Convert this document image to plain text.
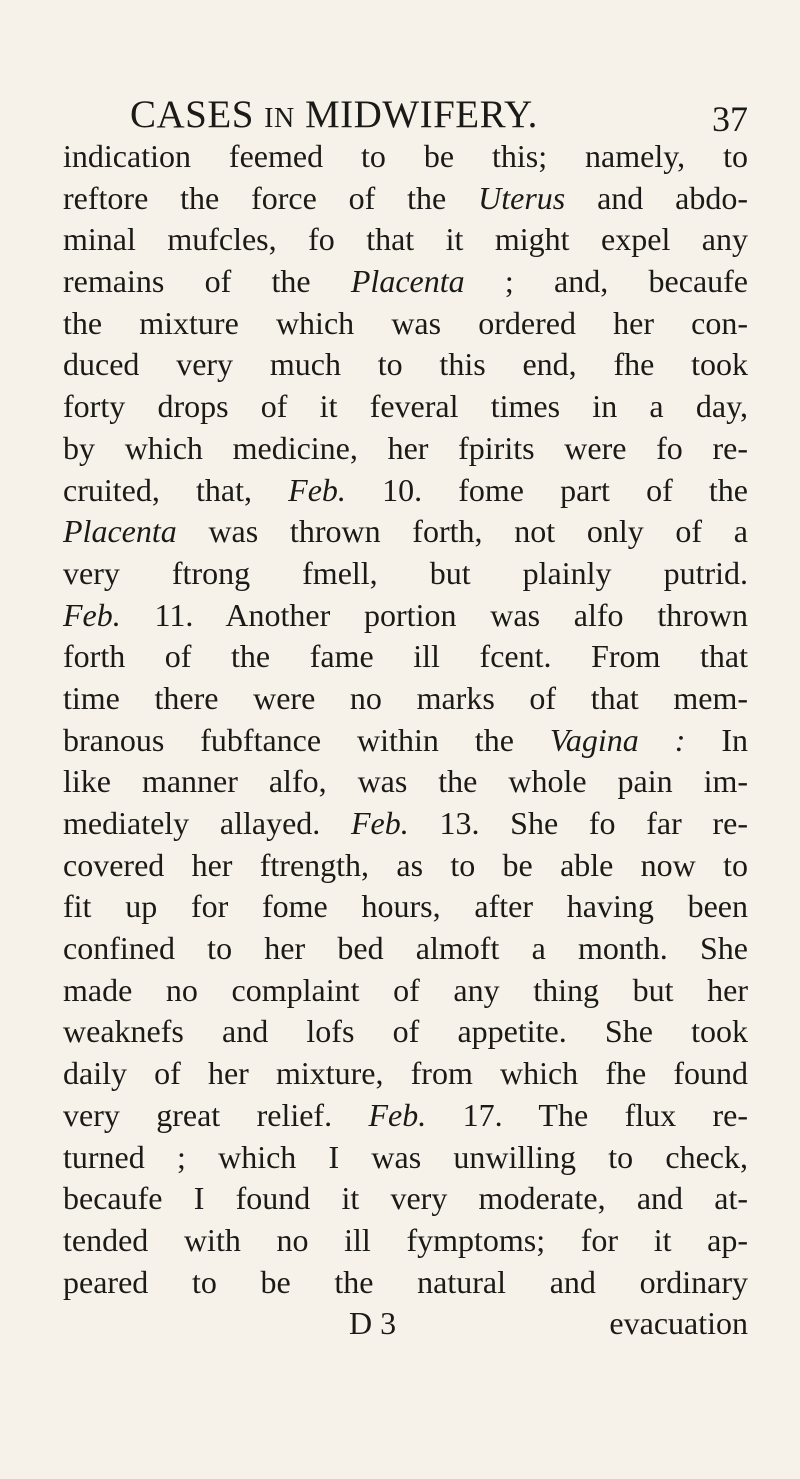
CASES IN MIDWIFERY.	37
indication feemed to be this; namely, to
reftore the force of the Uterus and abdo-
minal mufcles, fo that it might expel any
remains of the Placenta ; and, becaufe
the mixture which was ordered her con-
duced very much to this end, fhe took
forty drops of it feveral times in a day,
by which medicine, her fpirits were fo re-
cruited, that, Feb. 10. fome part of the
Placenta was thrown forth, not only of a
very ftrong fmell, but plainly putrid.
Feb. 11. Another portion was alfo thrown
forth of the fame ill fcent. From that
time there were no marks of that mem-
branous fubftance within the Vagina : In
like manner alfo, was the whole pain im-
mediately allayed. Feb. 13. She fo far re-
covered her ftrength, as to be able now to
fit up for fome hours, after having been
confined to her bed almoft a month. She
made no complaint of any thing but her
weaknefs and lofs of appetite. She took
daily of her mixture, from which fhe found
very great relief. Feb. 17. The flux re-
turned ; which I was unwilling to check,
becaufe I found it very moderate, and at-
tended with no ill fymptoms; for it ap-
peared to be the natural and ordinary
D 3	evacuation
